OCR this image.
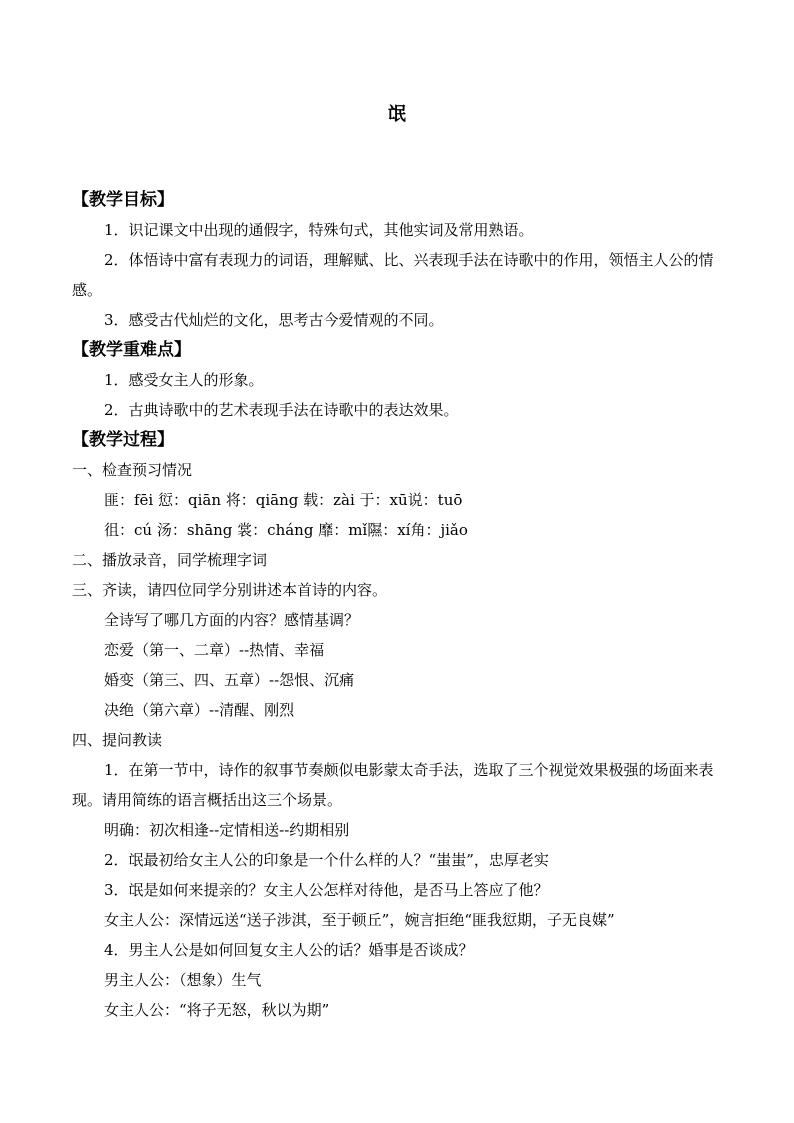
氓

【教学目标】

1．识记课文中出现的通假字，特殊句式，其他实词及常用熟语。

2．体悟诗中富有表现力的词语，理解赋、比、兴表现手法在诗歌中的作用，领悟主人公的情感。

3．感受古代灿烂的文化，思考古今爱情观的不同。

【教学重难点】

1．感受女主人的形象。

2．古典诗歌中的艺术表现手法在诗歌中的表达效果。

【教学过程】

一、检查预习情况

匪：fēi 愆：qiān 将：qiāng 载：zài 于：xū说：tuō

徂：cú 汤：shāng 裳：cháng 靡：mǐ隰：xí角：jiǎo

二、播放录音，同学梳理字词

三、齐读，请四位同学分别讲述本首诗的内容。

全诗写了哪几方面的内容？感情基调？

恋爱（第一、二章）--热情、幸福

婚变（第三、四、五章）--怨恨、沉痛

决绝（第六章）--清醒、刚烈

四、提问教读

1．在第一节中，诗作的叙事节奏颇似电影蒙太奇手法，选取了三个视觉效果极强的场面来表现。请用简练的语言概括出这三个场景。

明确：初次相逢--定情相送--约期相别

2．氓最初给女主人公的印象是一个什么样的人？“蚩蚩”，忠厚老实

3．氓是如何来提亲的？女主人公怎样对待他，是否马上答应了他？

女主人公：深情远送“送子涉淇，至于顿丘”，婉言拒绝“匪我愆期，子无良媒”

4．男主人公是如何回复女主人公的话？婚事是否谈成？

男主人公：（想象）生气

女主人公：“将子无怒，秋以为期”
